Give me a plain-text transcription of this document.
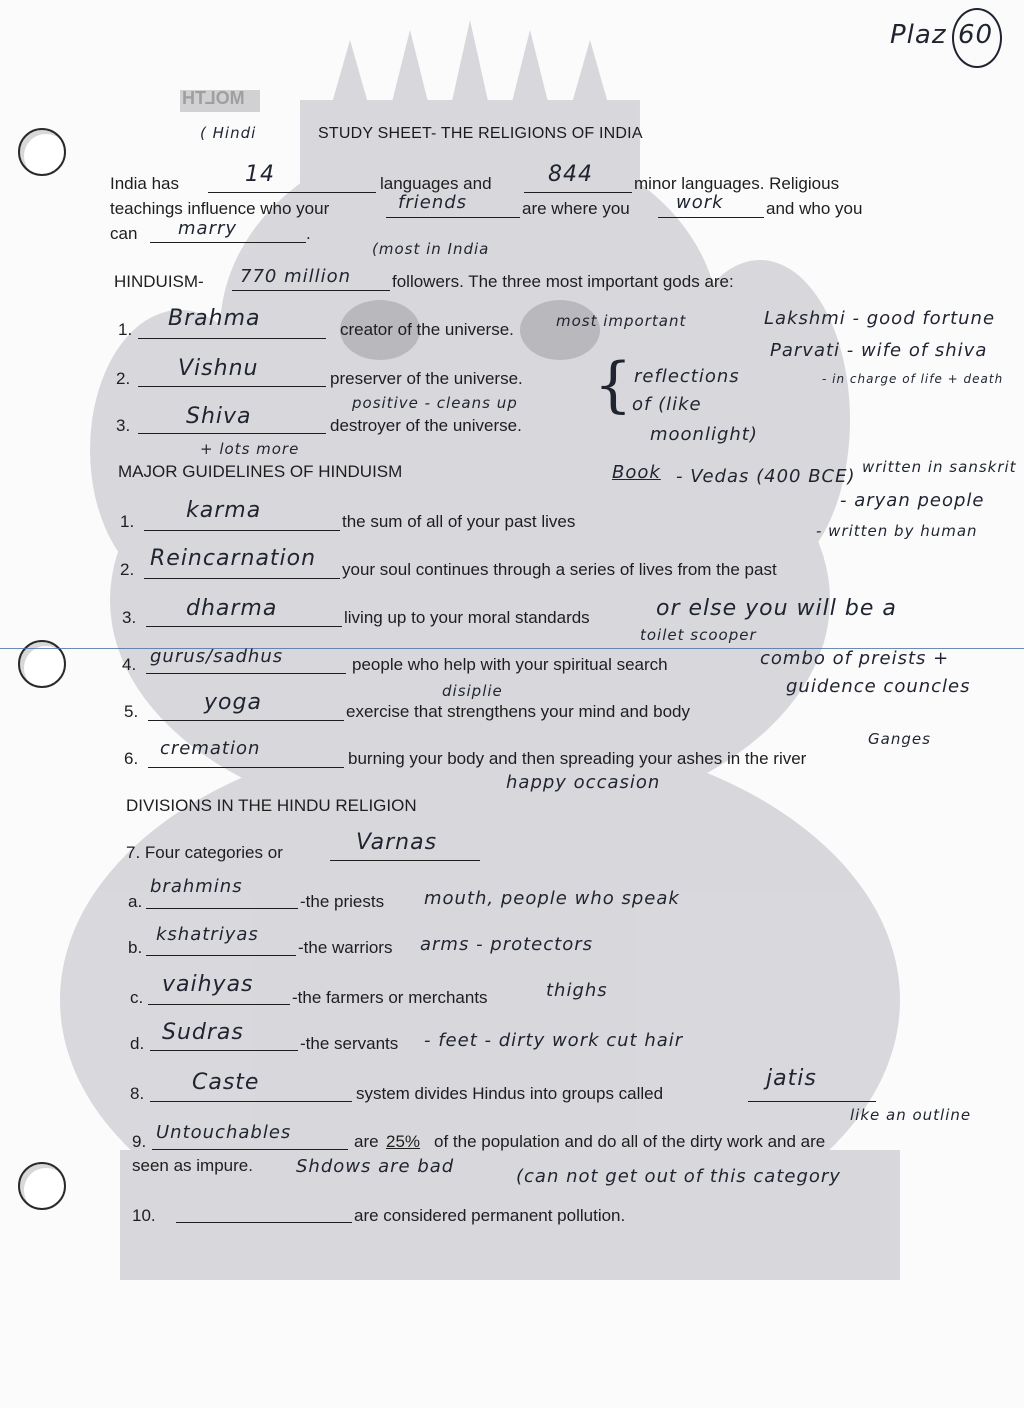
MOLTH
Plaz 60
( Hindi	STUDY SHEET- THE RELIGIONS OF INDIA
India has	14	languages and	844 minor languages. Religious
teachings influence who your	friends	are where you	work and who you
can marry	.
HINDUISM- 770 million
(most in India
followers. The three most important gods are:
1. Brahma	creator of the universe.	most important
2. Vishnu	preserver of the universe.
3.	Shiva
positive - cleans up
destroyer of the universe.
+ lots more
Lakshmi - good fortune
Parvati - wife of shiva
- in charge of life + death
{ reflections
of (like
moonlight)
MAJOR GUIDELINES OF HINDUISM	Book - Vedas (400 BCE) written in sanskrit
- aryan people
- written by human
1. karma	the sum of all of your past lives
2. Reincarnation your soul continues through a series of lives from the past
3. dharma	living up to your moral standards	or else you will be a
toilet scooper
4. gurus/sadhus	people who help with your spiritual search	combo of preists +
guidence councles
disiplie
5.	yoga	exercise that strengthens your mind and body
Ganges
6. cremation	burning your body and then spreading your ashes in the river
happy occasion
DIVISIONS IN THE HINDU RELIGION
7. Four categories or	Varnas
a.
brahmins
-the priests mouth, people who speak
b.
kshatriyas
-the warriors arms - protectors
c.
vaihyas
-the farmers or merchants	thighs
d. Sudras	-the servants - feet - dirty work cut hair
8. Caste	system divides Hindus into groups called
jatis
like an outline
9. Untouchables	are 25% of the population and do all of the dirty work and are
seen as impure. Shdows are bad	(can not get out of this category
10.	are considered permanent pollution.
